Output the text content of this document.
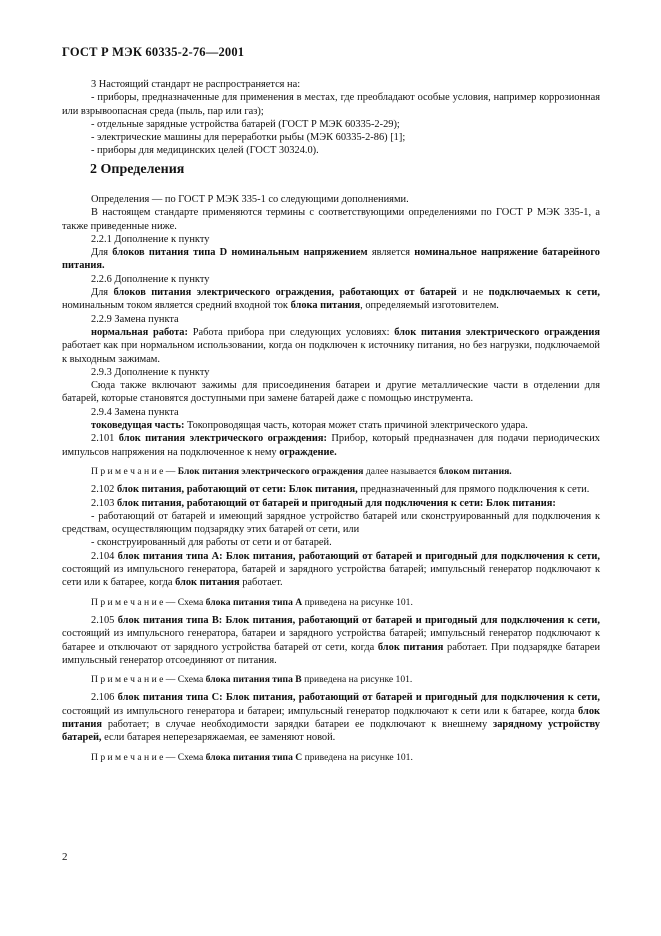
ГОСТ Р МЭК 60335-2-76—2001

3 Настоящий стандарт не распространяется на:

- приборы, предназначенные для применения в местах, где преобладают особые условия, например коррозионная или взрывоопасная среда (пыль, пар или газ);

- отдельные зарядные устройства батарей (ГОСТ Р МЭК 60335-2-29);

- электрические машины для переработки рыбы (МЭК 60335-2-86) [1];

- приборы для медицинских целей (ГОСТ 30324.0).

2 Определения

Определения — по ГОСТ Р МЭК 335-1 со следующими дополнениями.

В настоящем стандарте применяются термины с соответствующими определениями по ГОСТ Р МЭК 335-1, а также приведенные ниже.

2.2.1 Дополнение к пункту

Для блоков питания типа D номинальным напряжением является номинальное напряжение батарейного питания.

2.2.6 Дополнение к пункту

Для блоков питания электрического ограждения, работающих от батарей и не подключаемых к сети, номинальным током является средний входной ток блока питания, определяемый изготовителем.

2.2.9 Замена пункта

нормальная работа: Работа прибора при следующих условиях: блок питания электрического ограждения работает как при нормальном использовании, когда он подключен к источнику питания, но без нагрузки, подключаемой к выходным зажимам.

2.9.3 Дополнение к пункту

Сюда также включают зажимы для присоединения батареи и другие металлические части в отделении для батарей, которые становятся доступными при замене батарей даже с помощью инструмента.

2.9.4 Замена пункта

токоведущая часть: Токопроводящая часть, которая может стать причиной электрического удара.

2.101 блок питания электрического ограждения: Прибор, который предназначен для подачи периодических импульсов напряжения на подключенное к нему ограждение.

П р и м е ч а н и е — Блок питания электрического ограждения далее называется блоком питания.

2.102 блок питания, работающий от сети: Блок питания, предназначенный для прямого подключения к сети.

2.103 блок питания, работающий от батарей и пригодный для подключения к сети: Блок питания:

- работающий от батарей и имеющий зарядное устройство батарей или сконструированный для подключения к средствам, осуществляющим подзарядку этих батарей от сети, или

- сконструированный для работы от сети и от батарей.

2.104 блок питания типа А: Блок питания, работающий от батарей и пригодный для подключения к сети, состоящий из импульсного генератора, батарей и зарядного устройства батарей; импульсный генератор подключают к сети или к батарее, когда блок питания работает.

П р и м е ч а н и е — Схема блока питания типа А приведена на рисунке 101.

2.105 блок питания типа В: Блок питания, работающий от батарей и пригодный для подключения к сети, состоящий из импульсного генератора, батареи и зарядного устройства батарей; импульсный генератор подключают к батарее и отключают от зарядного устройства батарей от сети, когда блок питания работает. При подзарядке батареи импульсный генератор отсоединяют от питания.

П р и м е ч а н и е — Схема блока питания типа В приведена на рисунке 101.

2.106 блок питания типа С: Блок питания, работающий от батарей и пригодный для подключения к сети, состоящий из импульсного генератора и батареи; импульсный генератор подключают к сети или к батарее, когда блок питания работает; в случае необходимости зарядки батареи ее подключают к внешнему зарядному устройству батарей, если батарея неперезаряжаемая, ее заменяют новой.

П р и м е ч а н и е — Схема блока питания типа С приведена на рисунке 101.

2
